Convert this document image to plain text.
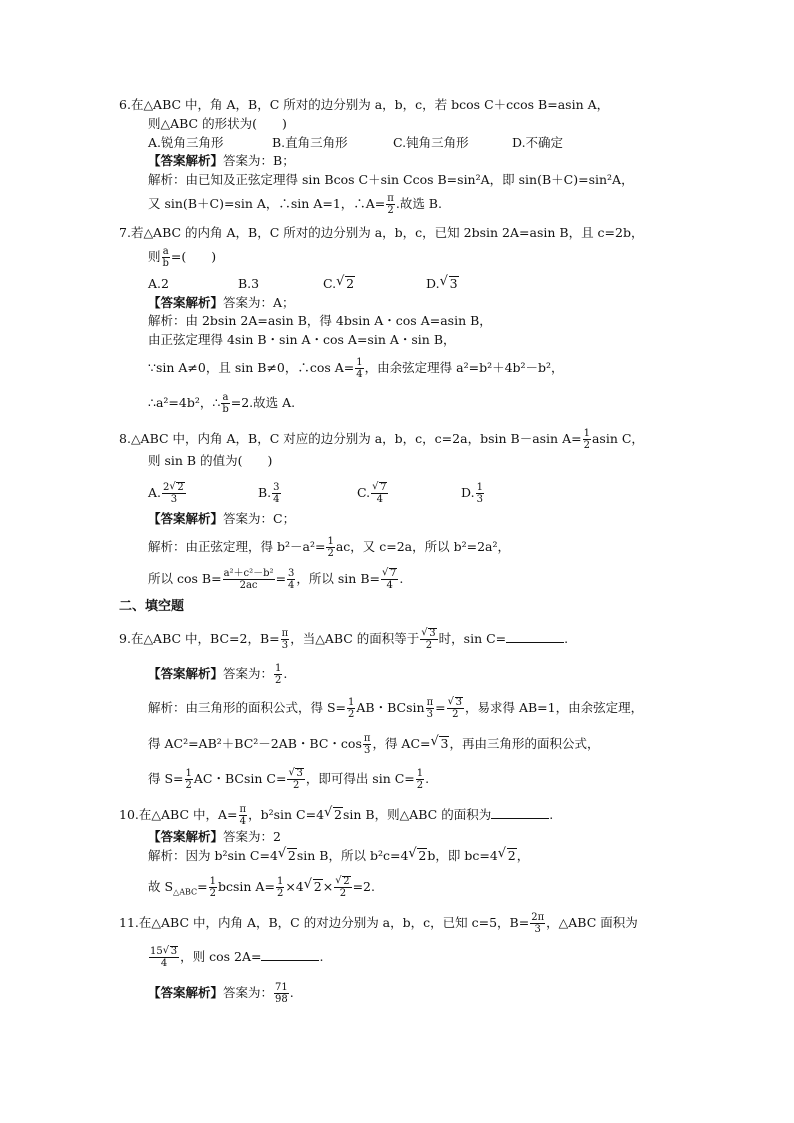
6.在△ABC 中，角 A，B，C 所对的边分别为 a，b，c，若 bcos C＋ccos B=asin A，
则△ABC 的形状为(　　)
A.锐角三角形	B.直角三角形	C.钝角三角形	D.不确定
【答案解析】答案为：B；
解析：由已知及正弦定理得 sin Bcos C＋sin Ccos B=sin²A，即 sin(B＋C)=sin²A，
又 sin(B＋C)=sin A，∴sin A=1，∴A= $\frac{\pi}{2}$ .故选 B.
7.若△ABC 的内角 A，B，C 所对的边分别为 a，b，c，已知 2bsin 2A=asin B，且 c=2b，
则 $\frac{a}{b}$ =(　　)
A.2	B.3	C.√ 2	D.√ 3
【答案解析】答案为：A；
解析：由 2bsin 2A=asin B，得 4bsin A・cos A=asin B，
由正弦定理得 4sin B・sin A・cos A=sin A・sin B，
∵sin A≠0，且 sin B≠0，∴cos $A= \frac{1}{4}$ ，由余弦定理得 a²=b²＋4b²－b²，
∴a²=4b²，∴ $\frac{a}{b} =2$.故选 A.
8.△ABC 中，内角 A，B，C 对应的边分别为 a，b，c，c=2a，bsin B－asin $A= \frac{1}{2}$ asin C，
则 sin B 的值为(　　)
A. $\frac{2√ 2}{3}$	B. $\frac{3}{4}$	C.
√ $\frac{7}{4}$	D. $\frac{1}{3}$
【答案解析】答案为：C；
解析：由正弦定理，得 $b^2-a^2= \frac{1}{2}$ ac，又 c=2a，所以 b²=2a²，
所以 $\cos B= \frac{\text{a²＋c²－b²}}{2ac} = \frac{3}{4}$ ，所以 sin B=
√ $\frac{7}{4}$ .
二、填空题
9.在△ABC 中，BC=2，$B= \frac{\pi}{3}$ ，当△ABC 的面积等于
√ $\frac{3}{2}$ 时，sin C=	.
【答案解析】答案为： $\frac{1}{2}$ .
解析：由三角形的面积公式，得 $S= \frac{1}{2}$ AB・BCsin $\frac{\pi}{3}$ =
√ $\frac{3}{2}$ ，易求得 AB=1，由余弦定理，
得 AC²=AB²＋BC²－2AB・BC・$\cos \frac{\pi}{3}$ ，得 AC=√ 3，再由三角形的面积公式，
得 $S= \frac{1}{2}$ AC・BCsin C=
√ $\frac{3}{2}$ ，即可得出 $\sin C= \frac{1}{2}$ .
10.在△ABC 中，$A= \frac{\pi}{4}$ ，b²sin C=4√ 2sin B，则△ABC 的面积为	.
【答案解析】答案为：2
解析：因为 b²sin C=4√ 2sin B，所以 b²c=4√ 2b，即 bc=4√ 2，
故 $S_{\triangle ABC}= \frac{1}{2}$ bcsin $A= \frac{1}{2} \times 4√$ 2×
√ $\frac{2}{2} =2$.
11.在△ABC 中，内角 A，B，C 的对边分别为 a，b，c，已知 c=5，$B= \frac{2\pi}{3}$ ，△ABC 面积为
$\frac{15√ 3}{4}$ ，则 cos 2A=	.
【答案解析】答案为： $\frac{71}{98}$ .
